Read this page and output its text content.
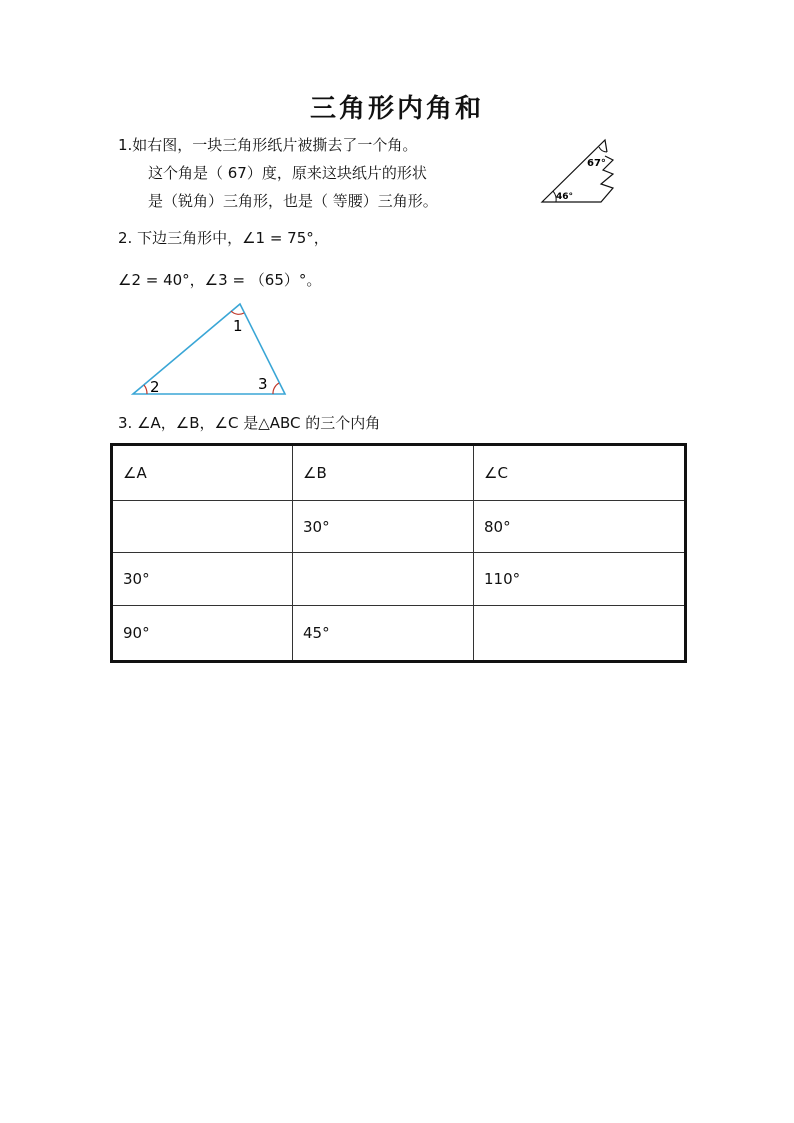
三角形内角和
1.如右图，一块三角形纸片被撕去了一个角。
这个角是（ 67）度，原来这块纸片的形状
是（锐角）三角形，也是（ 等腰）三角形。
67°
46°
2. 下边三角形中，∠1 = 75°，
∠2 = 40°，∠3 = （65）°。
1
2	3
3. ∠A，∠B，∠C 是△ABC 的三个内角
∠A	∠B	∠C
	30°	80°
30°		110°
90°	45°	
